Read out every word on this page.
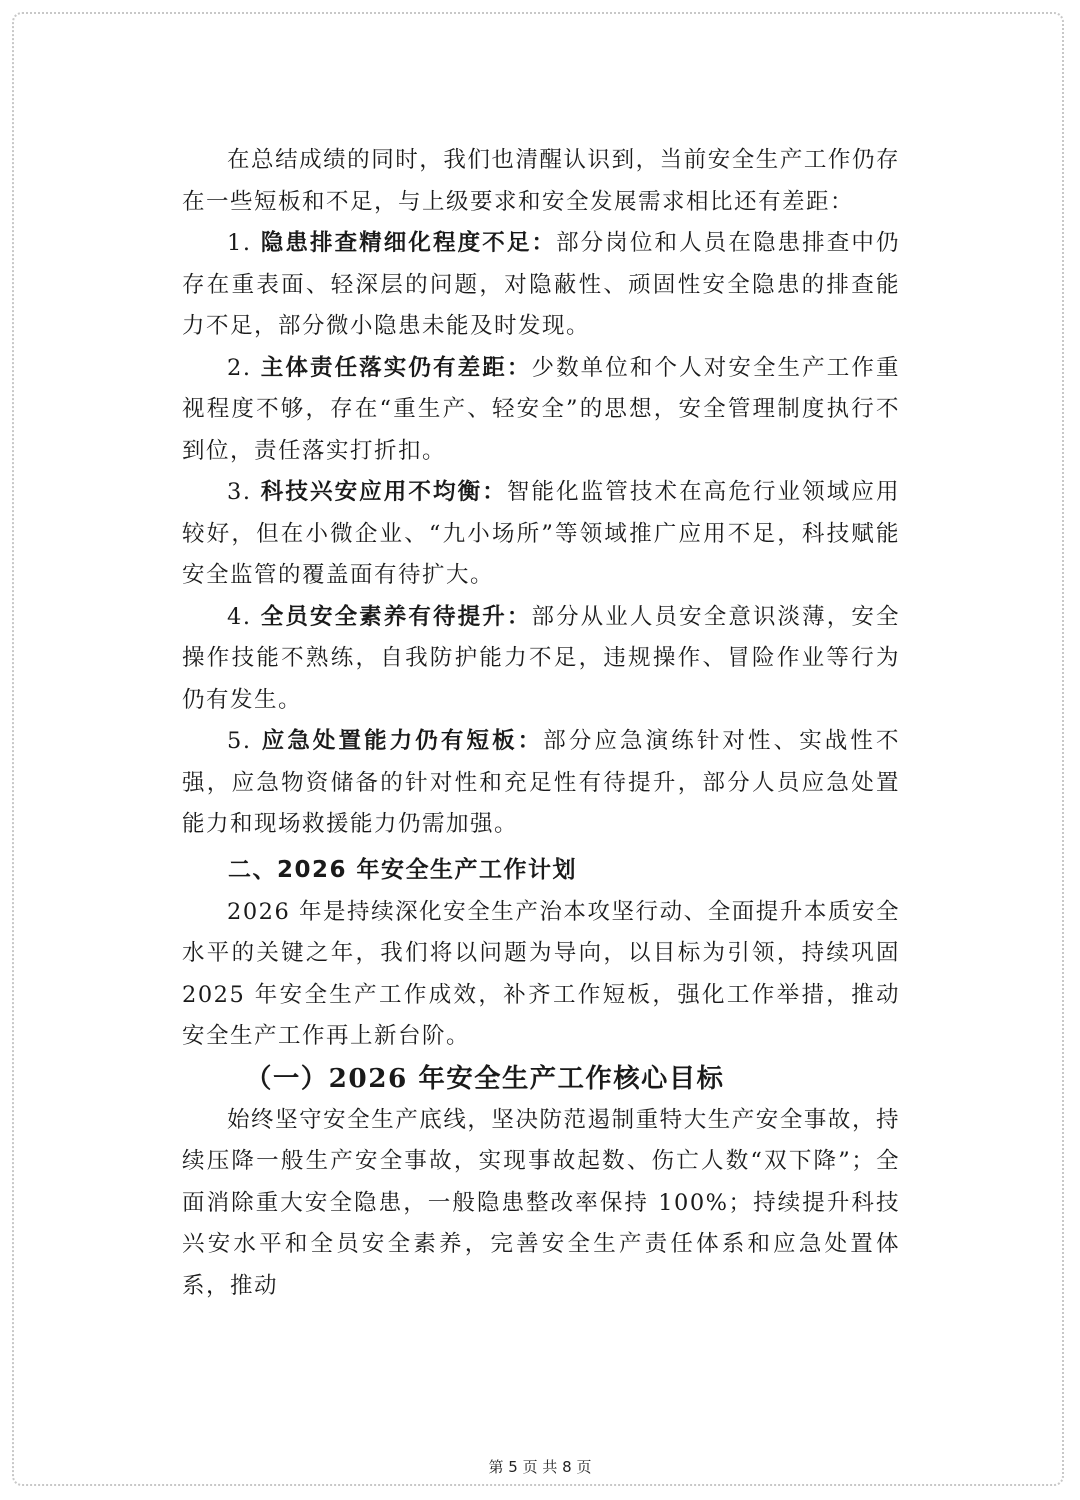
在总结成绩的同时，我们也清醒认识到，当前安全生产工作仍存在一些短板和不足，与上级要求和安全发展需求相比还有差距：

1. 隐患排查精细化程度不足：部分岗位和人员在隐患排查中仍存在重表面、轻深层的问题，对隐蔽性、顽固性安全隐患的排查能力不足，部分微小隐患未能及时发现。

2. 主体责任落实仍有差距：少数单位和个人对安全生产工作重视程度不够，存在“重生产、轻安全”的思想，安全管理制度执行不到位，责任落实打折扣。

3. 科技兴安应用不均衡：智能化监管技术在高危行业领域应用较好，但在小微企业、“九小场所”等领域推广应用不足，科技赋能安全监管的覆盖面有待扩大。

4. 全员安全素养有待提升：部分从业人员安全意识淡薄，安全操作技能不熟练，自我防护能力不足，违规操作、冒险作业等行为仍有发生。

5. 应急处置能力仍有短板：部分应急演练针对性、实战性不强，应急物资储备的针对性和充足性有待提升，部分人员应急处置能力和现场救援能力仍需加强。

二、2026 年安全生产工作计划

2026 年是持续深化安全生产治本攻坚行动、全面提升本质安全水平的关键之年，我们将以问题为导向，以目标为引领，持续巩固 2025 年安全生产工作成效，补齐工作短板，强化工作举措，推动安全生产工作再上新台阶。

（一）2026 年安全生产工作核心目标

始终坚守安全生产底线，坚决防范遏制重特大生产安全事故，持续压降一般生产安全事故，实现事故起数、伤亡人数“双下降”；全面消除重大安全隐患，一般隐患整改率保持 100%；持续提升科技兴安水平和全员安全素养，完善安全生产责任体系和应急处置体系，推动

第 5 页 共 8 页
